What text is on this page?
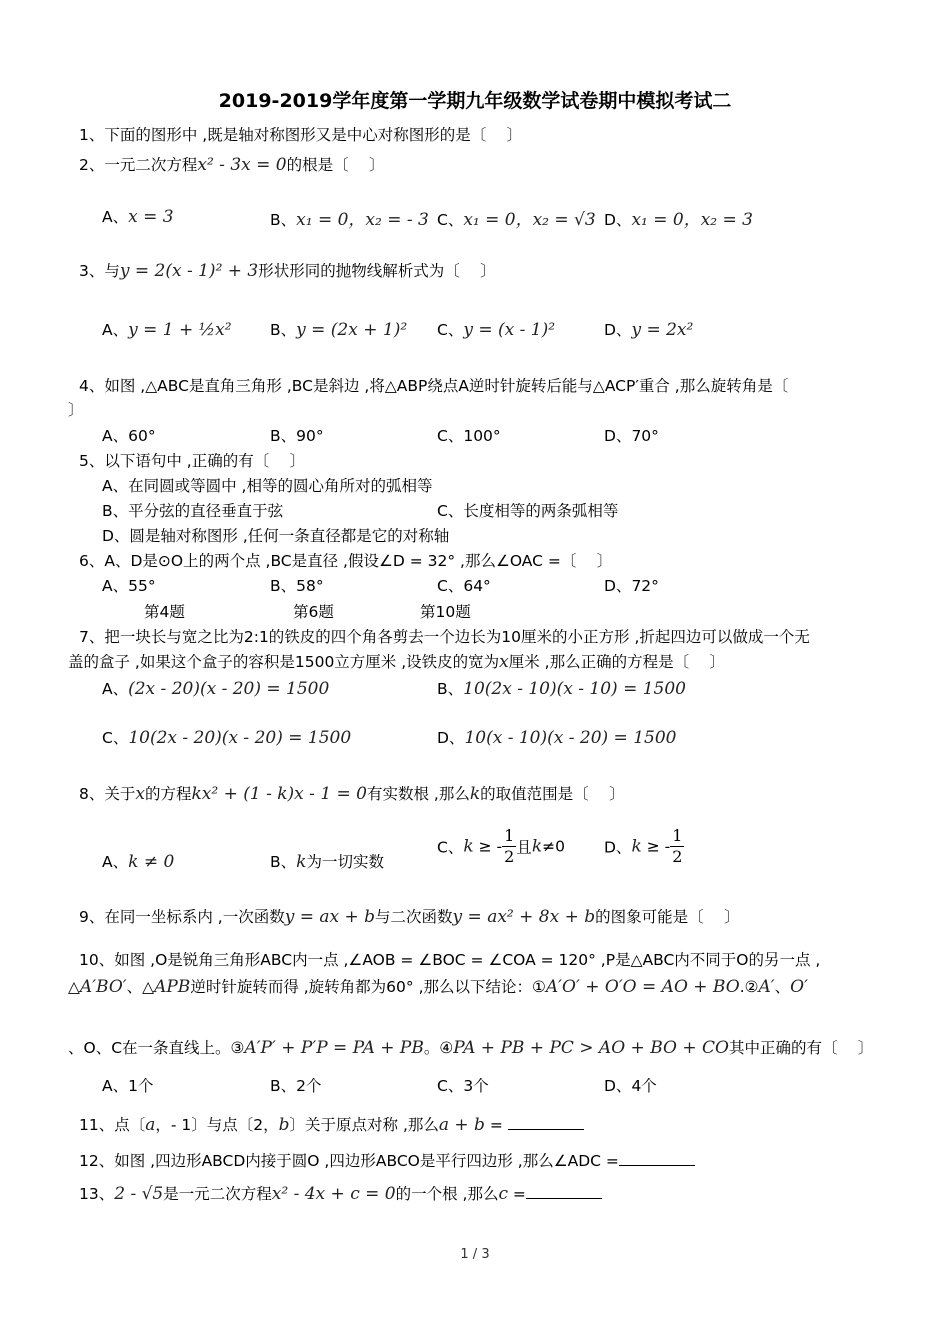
2019-2019学年度第一学期九年级数学试卷期中模拟考试二
1、下面的图形中 ,既是轴对称图形又是中心对称图形的是〔　 〕
2、一元二次方程x² - 3x = 0的根是〔　 〕
A、x = 3	B、x₁ = 0，x₂ = - 3 C、x₁ = 0，x₂ = √3 D、x₁ = 0，x₂ = 3
3、与y = 2(x - 1)² + 3形状形同的抛物线解析式为〔　 〕
A、y = 1 + ½x² B、y = (2x + 1)² C、y = (x - 1)²	D、y = 2x²
4、如图 ,△ABC是直角三角形 ,BC是斜边 ,将△ABP绕点A逆时针旋转后能与△ACP′重合 ,那么旋转角是〔
〕
A、60°	B、90°	C、100°	D、70°
5、以下语句中 ,正确的有〔　 〕
A、在同圆或等圆中 ,相等的圆心角所对的弧相等
B、平分弦的直径垂直于弦	C、长度相等的两条弧相等
D、圆是轴对称图形 ,任何一条直径都是它的对称轴
6、A、D是⊙O上的两个点 ,BC是直径 ,假设∠D = 32° ,那么∠OAC =〔　 〕
A、55°	B、58°	C、64°	D、72°
第4题	第6题	第10题
7、把一块长与宽之比为2:1的铁皮的四个角各剪去一个边长为10厘米的小正方形 ,折起四边可以做成一个无
盖的盒子 ,如果这个盒子的容积是1500立方厘米 ,设铁皮的宽为x厘米 ,那么正确的方程是〔　 〕
A、(2x - 20)(x - 20) = 1500	B、10(2x - 10)(x - 10) = 1500
C、10(2x - 20)(x - 20) = 1500	D、10(x - 10)(x - 20) = 1500
8、关于x的方程kx² + (1 - k)x - 1 = 0有实数根 ,那么k的取值范围是〔　 〕
A、k ≠ 0	B、k为一切实数
C、k ≥ - $\frac{1}{2}$ 且k≠0	D、k ≥ - $\frac{1}{2}$
9、在同一坐标系内 ,一次函数y = ax + b与二次函数y = ax² + 8x + b的图象可能是〔　 〕
10、如图 ,O是锐角三角形ABC内一点 ,∠AOB = ∠BOC = ∠COA = 120° ,P是△ABC内不同于O的另一点 ,
△A′BO′、△APB逆时针旋转而得 ,旋转角都为60° ,那么以下结论：①A′O′ + O′O = AO + BO.②A′、O′
、O、C在一条直线上。③A′P′ + P′P = PA + PB。④PA + PB + PC > AO + BO + CO其中正确的有〔　 〕
A、1个	B、2个	C、3个	D、4个
11、点〔a，- 1〕与点〔2，b〕关于原点对称 ,那么a + b =
12、如图 ,四边形ABCD内接于圆O ,四边形ABCO是平行四边形 ,那么∠ADC =
13、2 - √5是一元二次方程x² - 4x + c = 0的一个根 ,那么c =
1 / 3
